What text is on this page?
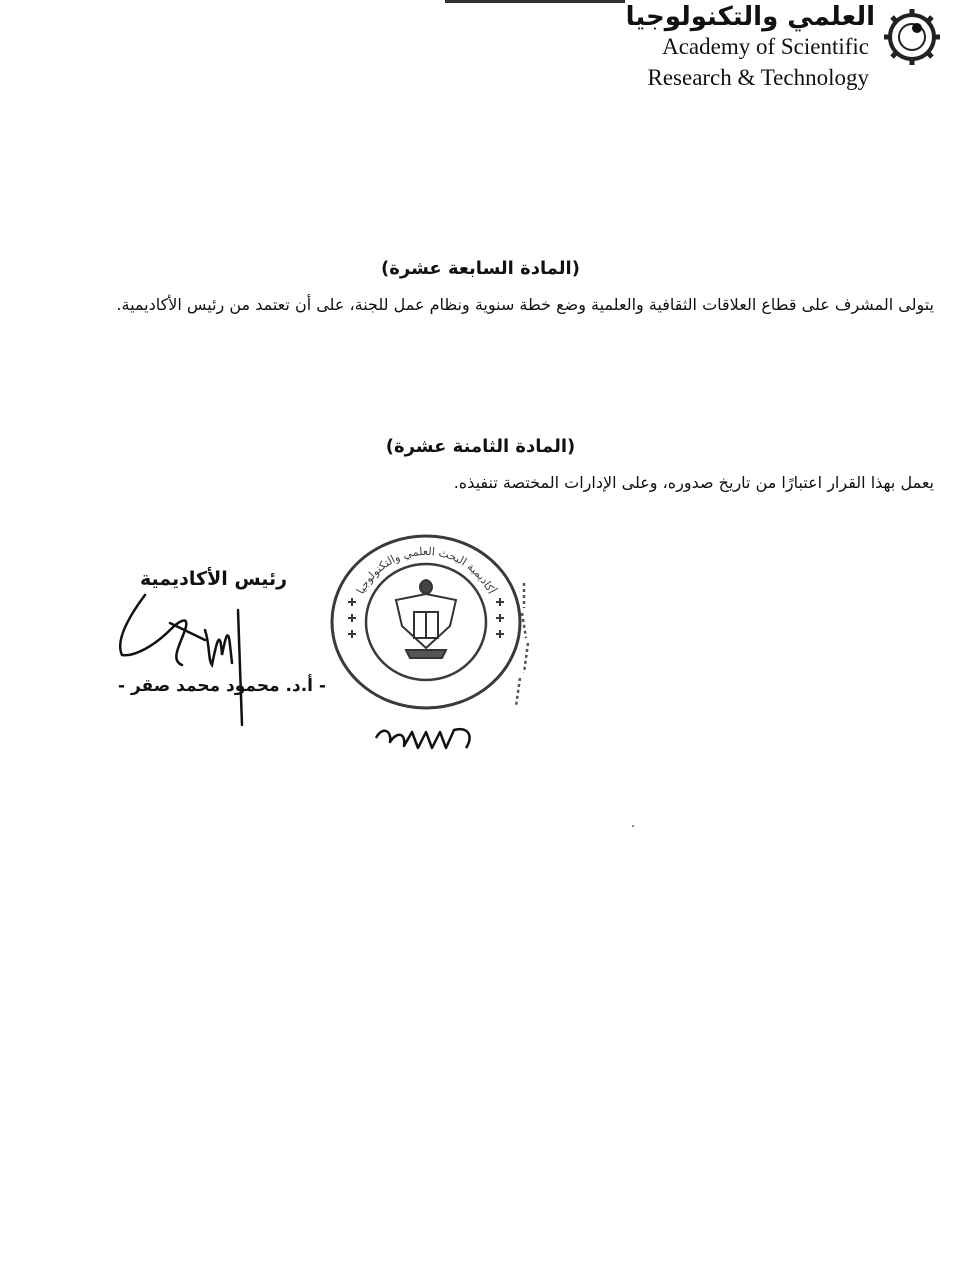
العلمي والتكنولوجيا
Academy of Scientific
Research & Technology
(المادة السابعة عشرة)
يتولى المشرف على قطاع العلاقات الثقافية والعلمية وضع خطة سنوية ونظام عمل للجنة، على أن تعتمد من رئيس الأكاديمية.
(المادة الثامنة عشرة)
يعمل بهذا القرار اعتبارًا من تاريخ صدوره، وعلى الإدارات المختصة تنفيذه.
رئيس الأكاديمية
- أ.د. محمود محمد صقر -
أكاديمية البحث العلمي والتكنولوجيا
